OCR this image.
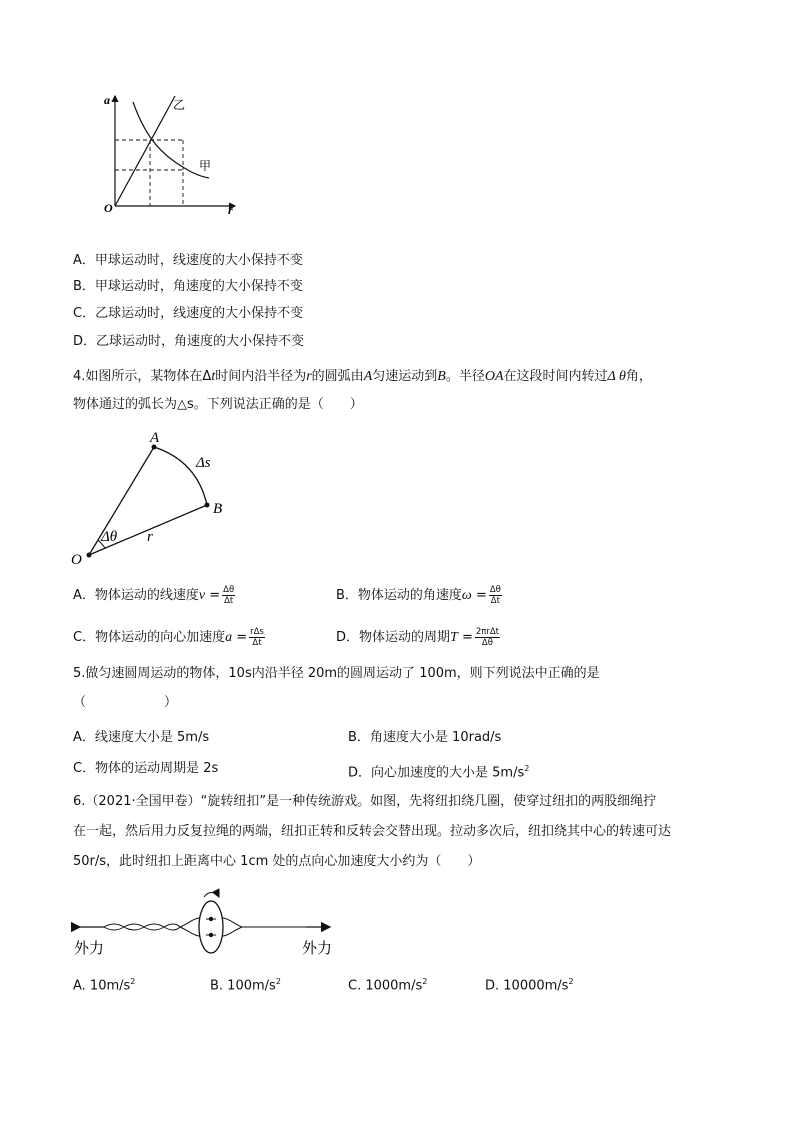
a
r
O
乙
甲
A．甲球运动时，线速度的大小保持不变
B．甲球运动时，角速度的大小保持不变
C．乙球运动时，线速度的大小保持不变
D．乙球运动时，角速度的大小保持不变
4.如图所示，某物体在Δt时间内沿半径为r的圆弧由A匀速运动到B。半径OA在这段时间内转过Δ θ角，
物体通过的弧长为△s。下列说法正确的是（　　）
A
B
O
Δs
Δθ r
A．物体运动的线速度$v = \frac{\Delta\theta}{\Delta t}$	B．物体运动的角速度$\omega = \frac{\Delta\theta}{\Delta t}$
C．物体运动的向心加速度$a = \frac{\text{rΔs}}{\Delta t}$	D．物体运动的周期$T = \frac{\text{2πrΔt}}{\Delta\theta}$
5.做匀速圆周运动的物体，10s内沿半径 20m的圆周运动了 100m，则下列说法中正确的是
（　　　　　　）
A．线速度大小是 5m/s	B．角速度大小是 10rad/s
C．物体的运动周期是 2s	D．向心加速度的大小是 $5m/s^2$
6.（2021·全国甲卷）“旋转纽扣”是一种传统游戏。如图，先将纽扣绕几圈，使穿过纽扣的两股细绳拧
在一起，然后用力反复拉绳的两端，纽扣正转和反转会交替出现。拉动多次后，纽扣绕其中心的转速可达
50r/s，此时纽扣上距离中心 1cm 处的点向心加速度大小约为（　　）
外力	外力
A. $10m/s^2$	B. $100m/s^2$	C. $1000m/s^2$	D. $10000m/s^2$
